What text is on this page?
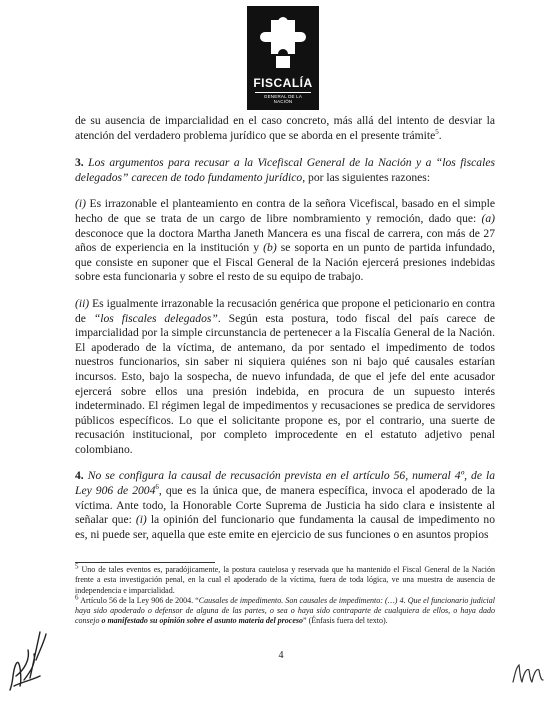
FISCALÍA
GENERAL DE LA NACIÓN

de su ausencia de imparcialidad en el caso concreto, más allá del intento de desviar la atención del verdadero problema jurídico que se aborda en el presente trámite$^5$.

3. Los argumentos para recusar a la Vicefiscal General de la Nación y a “los fiscales delegados” carecen de todo fundamento jurídico, por las siguientes razones:

(i) Es irrazonable el planteamiento en contra de la señora Vicefiscal, basado en el simple hecho de que se trata de un cargo de libre nombramiento y remoción, dado que: (a) desconoce que la doctora Martha Janeth Mancera es una fiscal de carrera, con más de 27 años de experiencia en la institución y (b) se soporta en un punto de partida infundado, que consiste en suponer que el Fiscal General de la Nación ejercerá presiones indebidas sobre esta funcionaria y sobre el resto de su equipo de trabajo.

(ii) Es igualmente irrazonable la recusación genérica que propone el peticionario en contra de “los fiscales delegados”. Según esta postura, todo fiscal del país carece de imparcialidad por la simple circunstancia de pertenecer a la Fiscalía General de la Nación. El apoderado de la víctima, de antemano, da por sentado el impedimento de todos nuestros funcionarios, sin saber ni siquiera quiénes son ni bajo qué causales estarían incursos. Esto, bajo la sospecha, de nuevo infundada, de que el jefe del ente acusador ejercerá sobre ellos una presión indebida, en procura de un supuesto interés indeterminado. El régimen legal de impedimentos y recusaciones se predica de servidores públicos específicos. Lo que el solicitante propone es, por el contrario, una suerte de recusación institucional, por completo improcedente en el estatuto adjetivo penal colombiano.

4. No se configura la causal de recusación prevista en el artículo 56, numeral 4º, de la Ley 906 de 2004$^6$, que es la única que, de manera específica, invoca el apoderado de la víctima. Ante todo, la Honorable Corte Suprema de Justicia ha sido clara e insistente al señalar que: (i) la opinión del funcionario que fundamenta la causal de impedimento no es, ni puede ser, aquella que este emite en ejercicio de sus funciones o en asuntos propios

$^5$ Uno de tales eventos es, paradójicamente, la postura cautelosa y reservada que ha mantenido el Fiscal General de la Nación frente a esta investigación penal, en la cual el apoderado de la víctima, fuera de toda lógica, ve una muestra de ausencia de independencia e imparcialidad.

$^6$ Artículo 56 de la Ley 906 de 2004. “Causales de impedimento. Son causales de impedimento: (…) 4. Que el funcionario judicial haya sido apoderado o defensor de alguna de las partes, o sea o haya sido contraparte de cualquiera de ellos, o haya dado consejo o manifestado su opinión sobre el asunto materia del proceso” (Énfasis fuera del texto).

4
